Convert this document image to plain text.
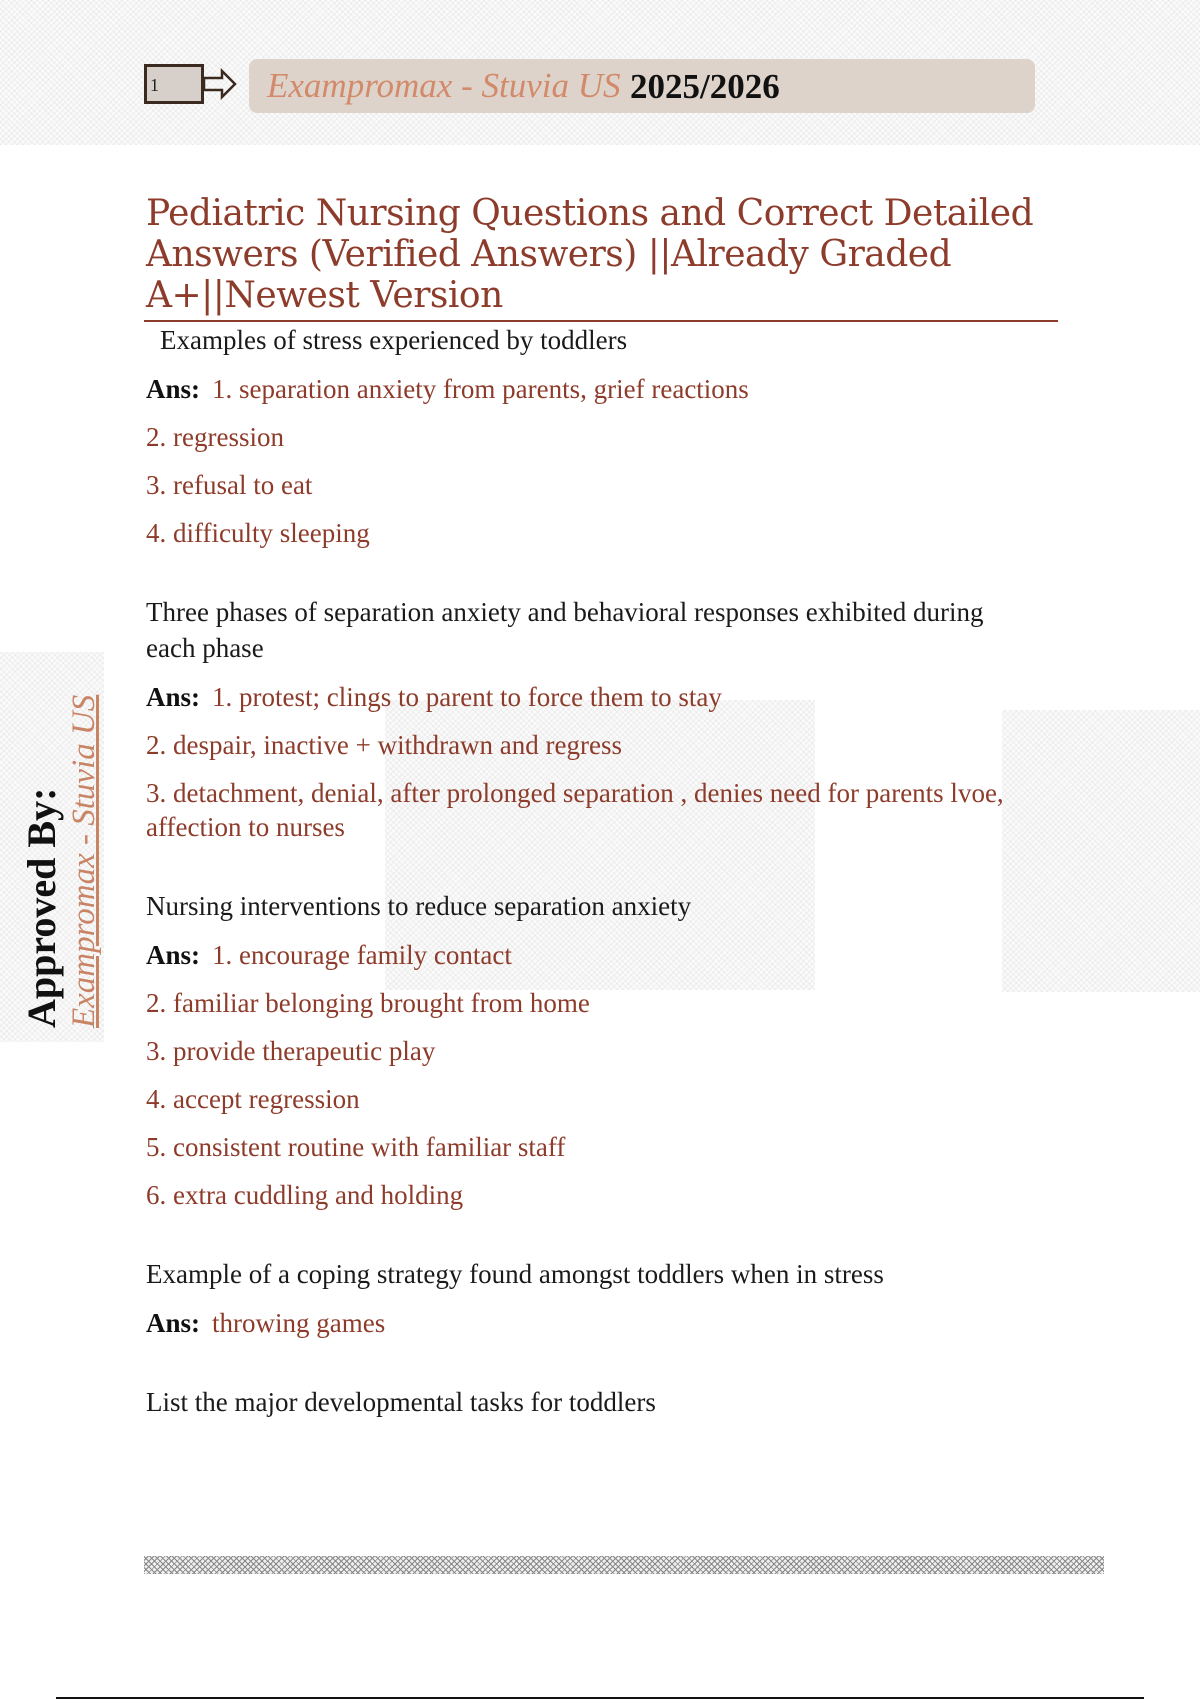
1	Exampromax - Stuvia US 2025/2026
Pediatric Nursing Questions and Correct Detailed Answers (Verified Answers) ||Already Graded A+||Newest Version
Approved By: Exampromax - Stuvia US
Examples of stress experienced by toddlers
Ans: 1. separation anxiety from parents, grief reactions
2. regression
3. refusal to eat
4. difficulty sleeping
Three phases of separation anxiety and behavioral responses exhibited during each phase
Ans: 1. protest; clings to parent to force them to stay
2. despair, inactive + withdrawn and regress
3. detachment, denial, after prolonged separation , denies need for parents lvoe, affection to nurses
Nursing interventions to reduce separation anxiety
Ans: 1. encourage family contact
2. familiar belonging brought from home
3. provide therapeutic play
4. accept regression
5. consistent routine with familiar staff
6. extra cuddling and holding
Example of a coping strategy found amongst toddlers when in stress
Ans: throwing games
List the major developmental tasks for toddlers
